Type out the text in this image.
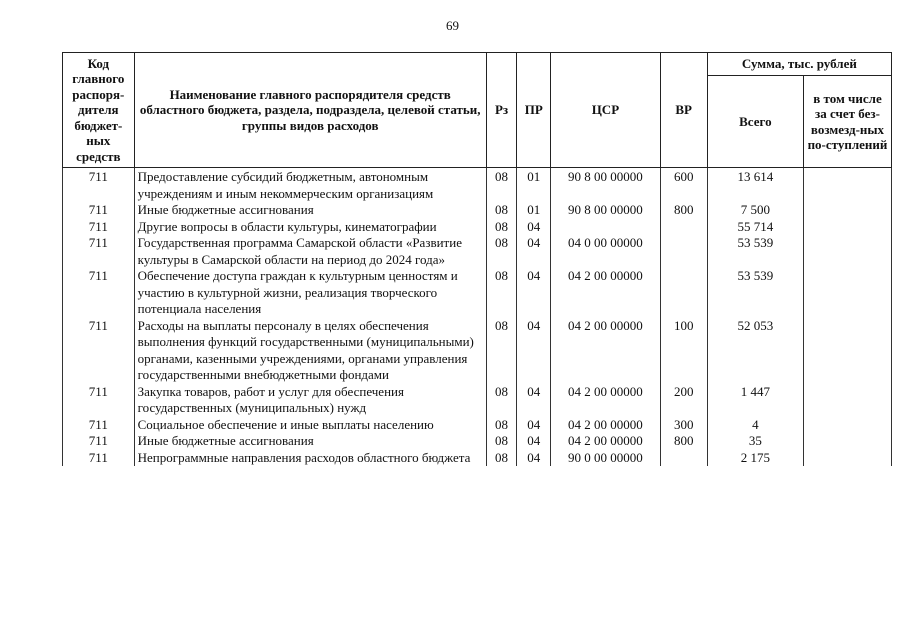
69
Код главного распоря-дителя бюджет-ных средств	Наименование главного распорядителя средств областного бюджета, раздела, подраздела, целевой статьи, группы видов расходов	Рз	ПР	ЦСР	ВР	Сумма, тыс. рублей	
						Всего	в том числе за счет без-возмезд-ных по-ступлений
711	Предоставление субсидий бюджетным, автономным учреждениям и иным некоммерческим организациям	08	01	90 8 00 00000	600	13 614	
711	Иные бюджетные ассигнования	08	01	90 8 00 00000	800	7 500	
711	Другие вопросы в области культуры, кинематографии	08	04			55 714	
711	Государственная программа Самарской области «Развитие культуры в Самарской области на период до 2024 года»	08	04	04 0 00 00000		53 539	
711	Обеспечение доступа граждан к культурным ценностям и участию в культурной жизни, реализация творческого потенциала населения	08	04	04 2 00 00000		53 539	
711	Расходы на выплаты персоналу в целях обеспечения выполнения функций государственными (муниципальными) органами, казенными учреждениями, органами управления государственными внебюджетными фондами	08	04	04 2 00 00000	100	52 053	
711	Закупка товаров, работ и услуг для обеспечения государственных (муниципальных) нужд	08	04	04 2 00 00000	200	1 447	
711	Социальное обеспечение и иные выплаты населению	08	04	04 2 00 00000	300	4	
711	Иные бюджетные ассигнования	08	04	04 2 00 00000	800	35	
711	Непрограммные направления расходов областного бюджета	08	04	90 0 00 00000		2 175	
